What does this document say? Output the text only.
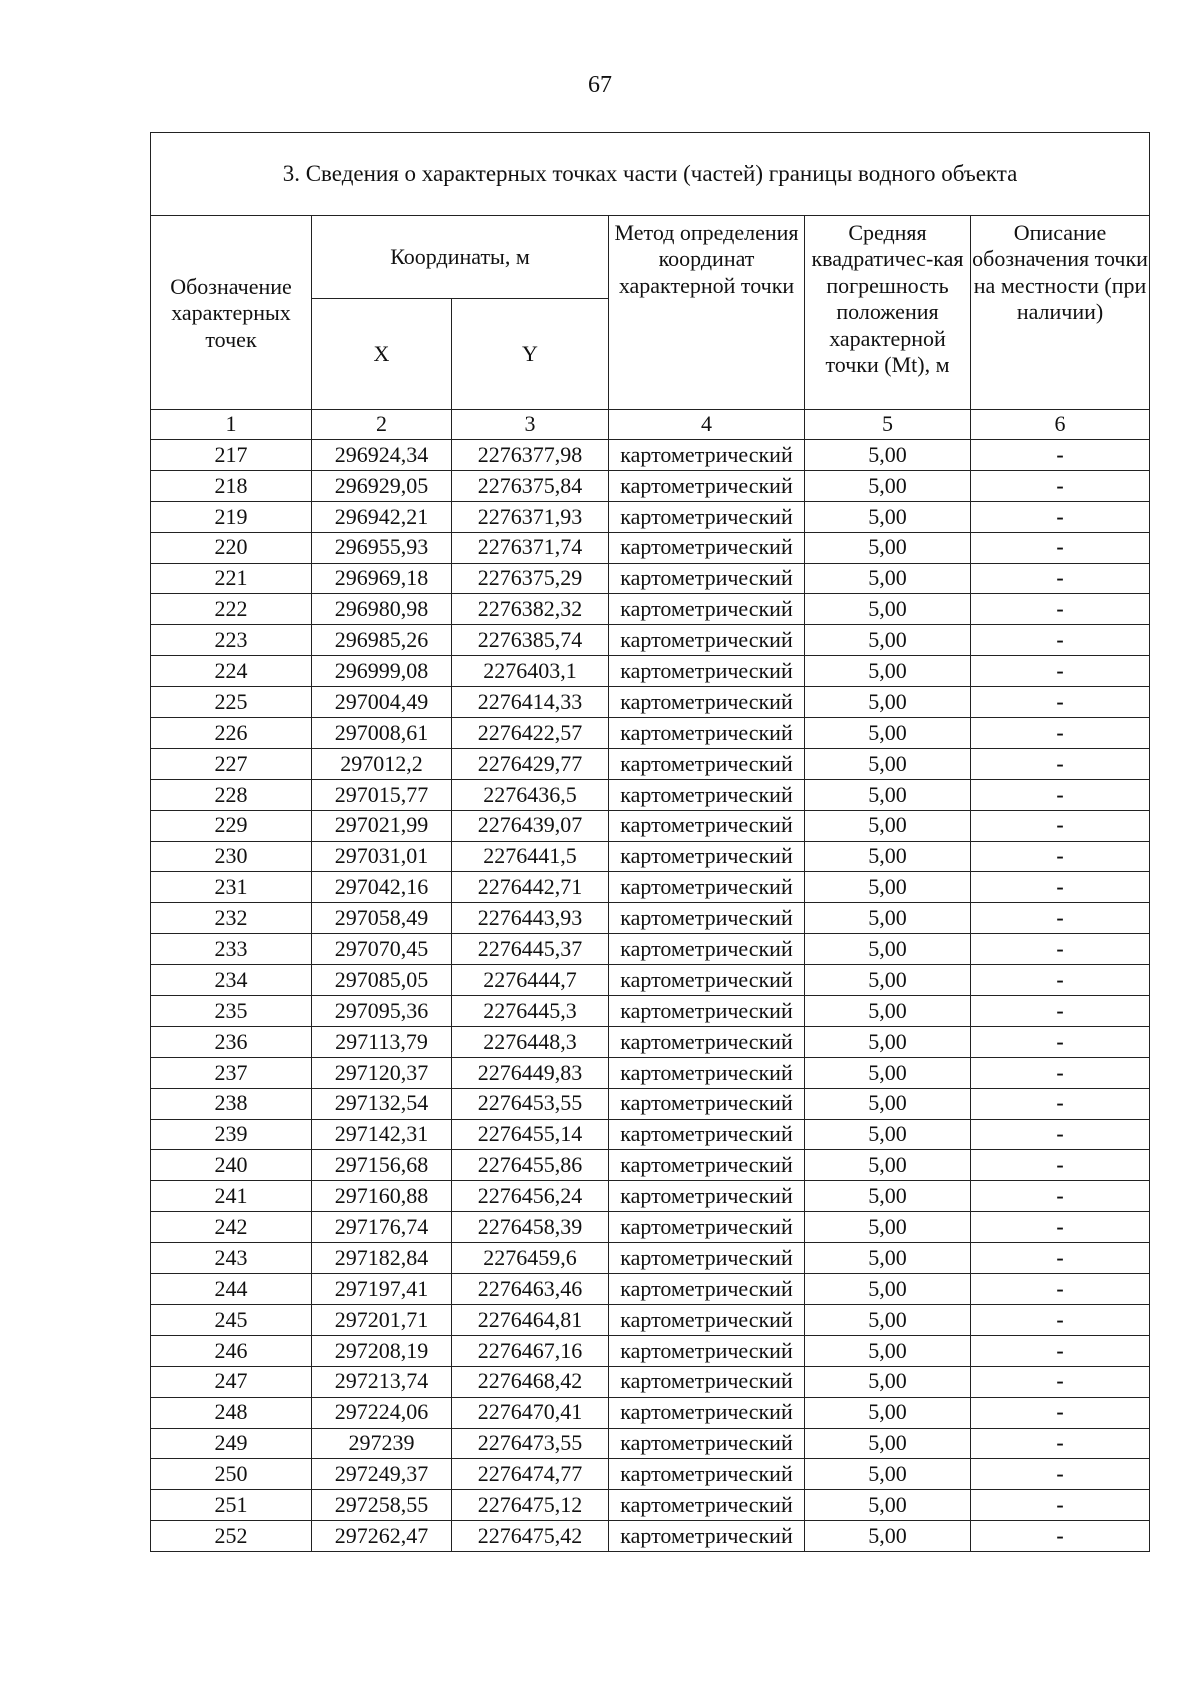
67
3. Сведения о характерных точках части (частей) границы водного объекта					
Обозначение характерных точек	Координаты, м		Метод определения координат характерной точки	Средняя квадратичес-кая погрешность положения характерной точки (Mt), м	Описание обозначения точки на местности (при наличии)
	X	Y			
1	2	3	4	5	6
217	296924,34	2276377,98	картометрический	5,00	-
218	296929,05	2276375,84	картометрический	5,00	-
219	296942,21	2276371,93	картометрический	5,00	-
220	296955,93	2276371,74	картометрический	5,00	-
221	296969,18	2276375,29	картометрический	5,00	-
222	296980,98	2276382,32	картометрический	5,00	-
223	296985,26	2276385,74	картометрический	5,00	-
224	296999,08	2276403,1	картометрический	5,00	-
225	297004,49	2276414,33	картометрический	5,00	-
226	297008,61	2276422,57	картометрический	5,00	-
227	297012,2	2276429,77	картометрический	5,00	-
228	297015,77	2276436,5	картометрический	5,00	-
229	297021,99	2276439,07	картометрический	5,00	-
230	297031,01	2276441,5	картометрический	5,00	-
231	297042,16	2276442,71	картометрический	5,00	-
232	297058,49	2276443,93	картометрический	5,00	-
233	297070,45	2276445,37	картометрический	5,00	-
234	297085,05	2276444,7	картометрический	5,00	-
235	297095,36	2276445,3	картометрический	5,00	-
236	297113,79	2276448,3	картометрический	5,00	-
237	297120,37	2276449,83	картометрический	5,00	-
238	297132,54	2276453,55	картометрический	5,00	-
239	297142,31	2276455,14	картометрический	5,00	-
240	297156,68	2276455,86	картометрический	5,00	-
241	297160,88	2276456,24	картометрический	5,00	-
242	297176,74	2276458,39	картометрический	5,00	-
243	297182,84	2276459,6	картометрический	5,00	-
244	297197,41	2276463,46	картометрический	5,00	-
245	297201,71	2276464,81	картометрический	5,00	-
246	297208,19	2276467,16	картометрический	5,00	-
247	297213,74	2276468,42	картометрический	5,00	-
248	297224,06	2276470,41	картометрический	5,00	-
249	297239	2276473,55	картометрический	5,00	-
250	297249,37	2276474,77	картометрический	5,00	-
251	297258,55	2276475,12	картометрический	5,00	-
252	297262,47	2276475,42	картометрический	5,00	-
